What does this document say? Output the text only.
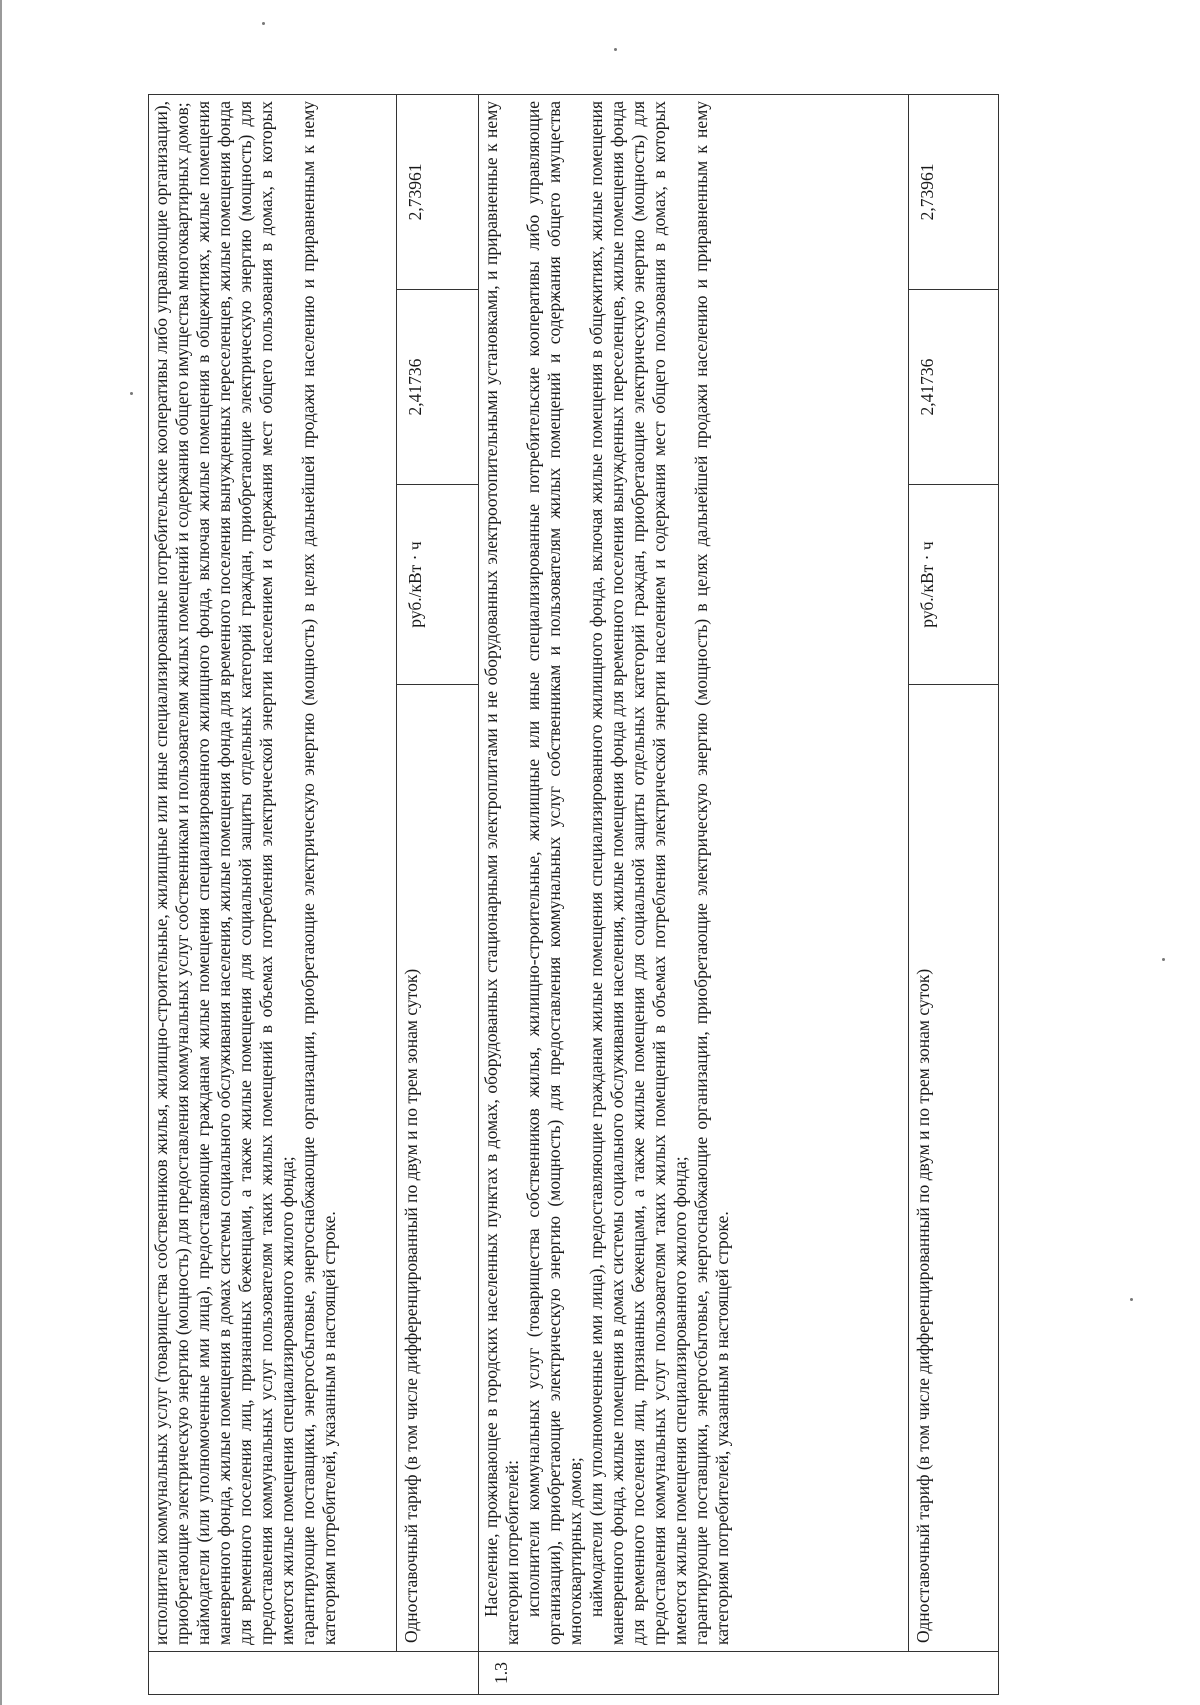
	исполнители коммунальных услуг (товарищества собственников жилья, жилищно-строительные, жилищные или иные специализированные потребительские кооперативы либо управляющие организации), приобретающие электрическую энергию (мощность) для предоставления коммунальных услуг собственникам и пользователям жилых помещений и содержания общего имущества многоквартирных домов; наймодатели (или уполномоченные ими лица), предоставляющие гражданам жилые помещения специализированного жилищного фонда, включая жилые помещения в общежитиях, жилые помещения маневренного фонда, жилые помещения в домах системы социального обслуживания населения, жилые помещения фонда для временного поселения вынужденных переселенцев, жилые помещения фонда для временного поселения лиц, признанных беженцами, а также жилые помещения для социальной защиты отдельных категорий граждан, приобретающие электрическую энергию (мощность) для предоставления коммунальных услуг пользователям таких жилых помещений в объемах потребления электрической энергии населением и содержания мест общего пользования в домах, в которых имеются жилые помещения специализированного жилого фонда; гарантирующие поставщики, энергосбытовые, энергоснабжающие организации, приобретающие электрическую энергию (мощность) в целях дальнейшей продажи населению и приравненным к нему категориям потребителей, указанным в настоящей строке.			

	Одноставочный тариф (в том числе дифференцированный по двум и по трем зонам суток)	руб./кВт · ч	2,41736	2,73961
1.3	Население, проживающее в городских населенных пунктах в домах, оборудованных стационарными электроплитами и не оборудованных электроотопительными установками, и приравненные к нему категории потребителей: исполнители коммунальных услуг (товарищества собственников жилья, жилищно-строительные, жилищные или иные специализированные потребительские кооперативы либо управляющие организации), приобретающие электрическую энергию (мощность) для предоставления коммунальных услуг собственникам и пользователям жилых помещений и содержания общего имущества многоквартирных домов; наймодатели (или уполномоченные ими лица), предоставляющие гражданам жилые помещения специализированного жилищного фонда, включая жилые помещения в общежитиях, жилые помещения маневренного фонда, жилые помещения в домах системы социального обслуживания населения, жилые помещения фонда для временного поселения вынужденных переселенцев, жилые помещения фонда для временного поселения лиц, признанных беженцами, а также жилые помещения для социальной защиты отдельных категорий граждан, приобретающие электрическую энергию (мощность) для предоставления коммунальных услуг пользователям таких жилых помещений в объемах потребления электрической энергии населением и содержания мест общего пользования в домах, в которых имеются жилые помещения специализированного жилого фонда; гарантирующие поставщики, энергосбытовые, энергоснабжающие организации, приобретающие электрическую энергию (мощность) в целях дальнейшей продажи населению и приравненным к нему категориям потребителей, указанным в настоящей строке.			

	Одноставочный тариф (в том числе дифференцированный по двум и по трем зонам суток)	руб./кВт · ч	2,41736	2,73961
